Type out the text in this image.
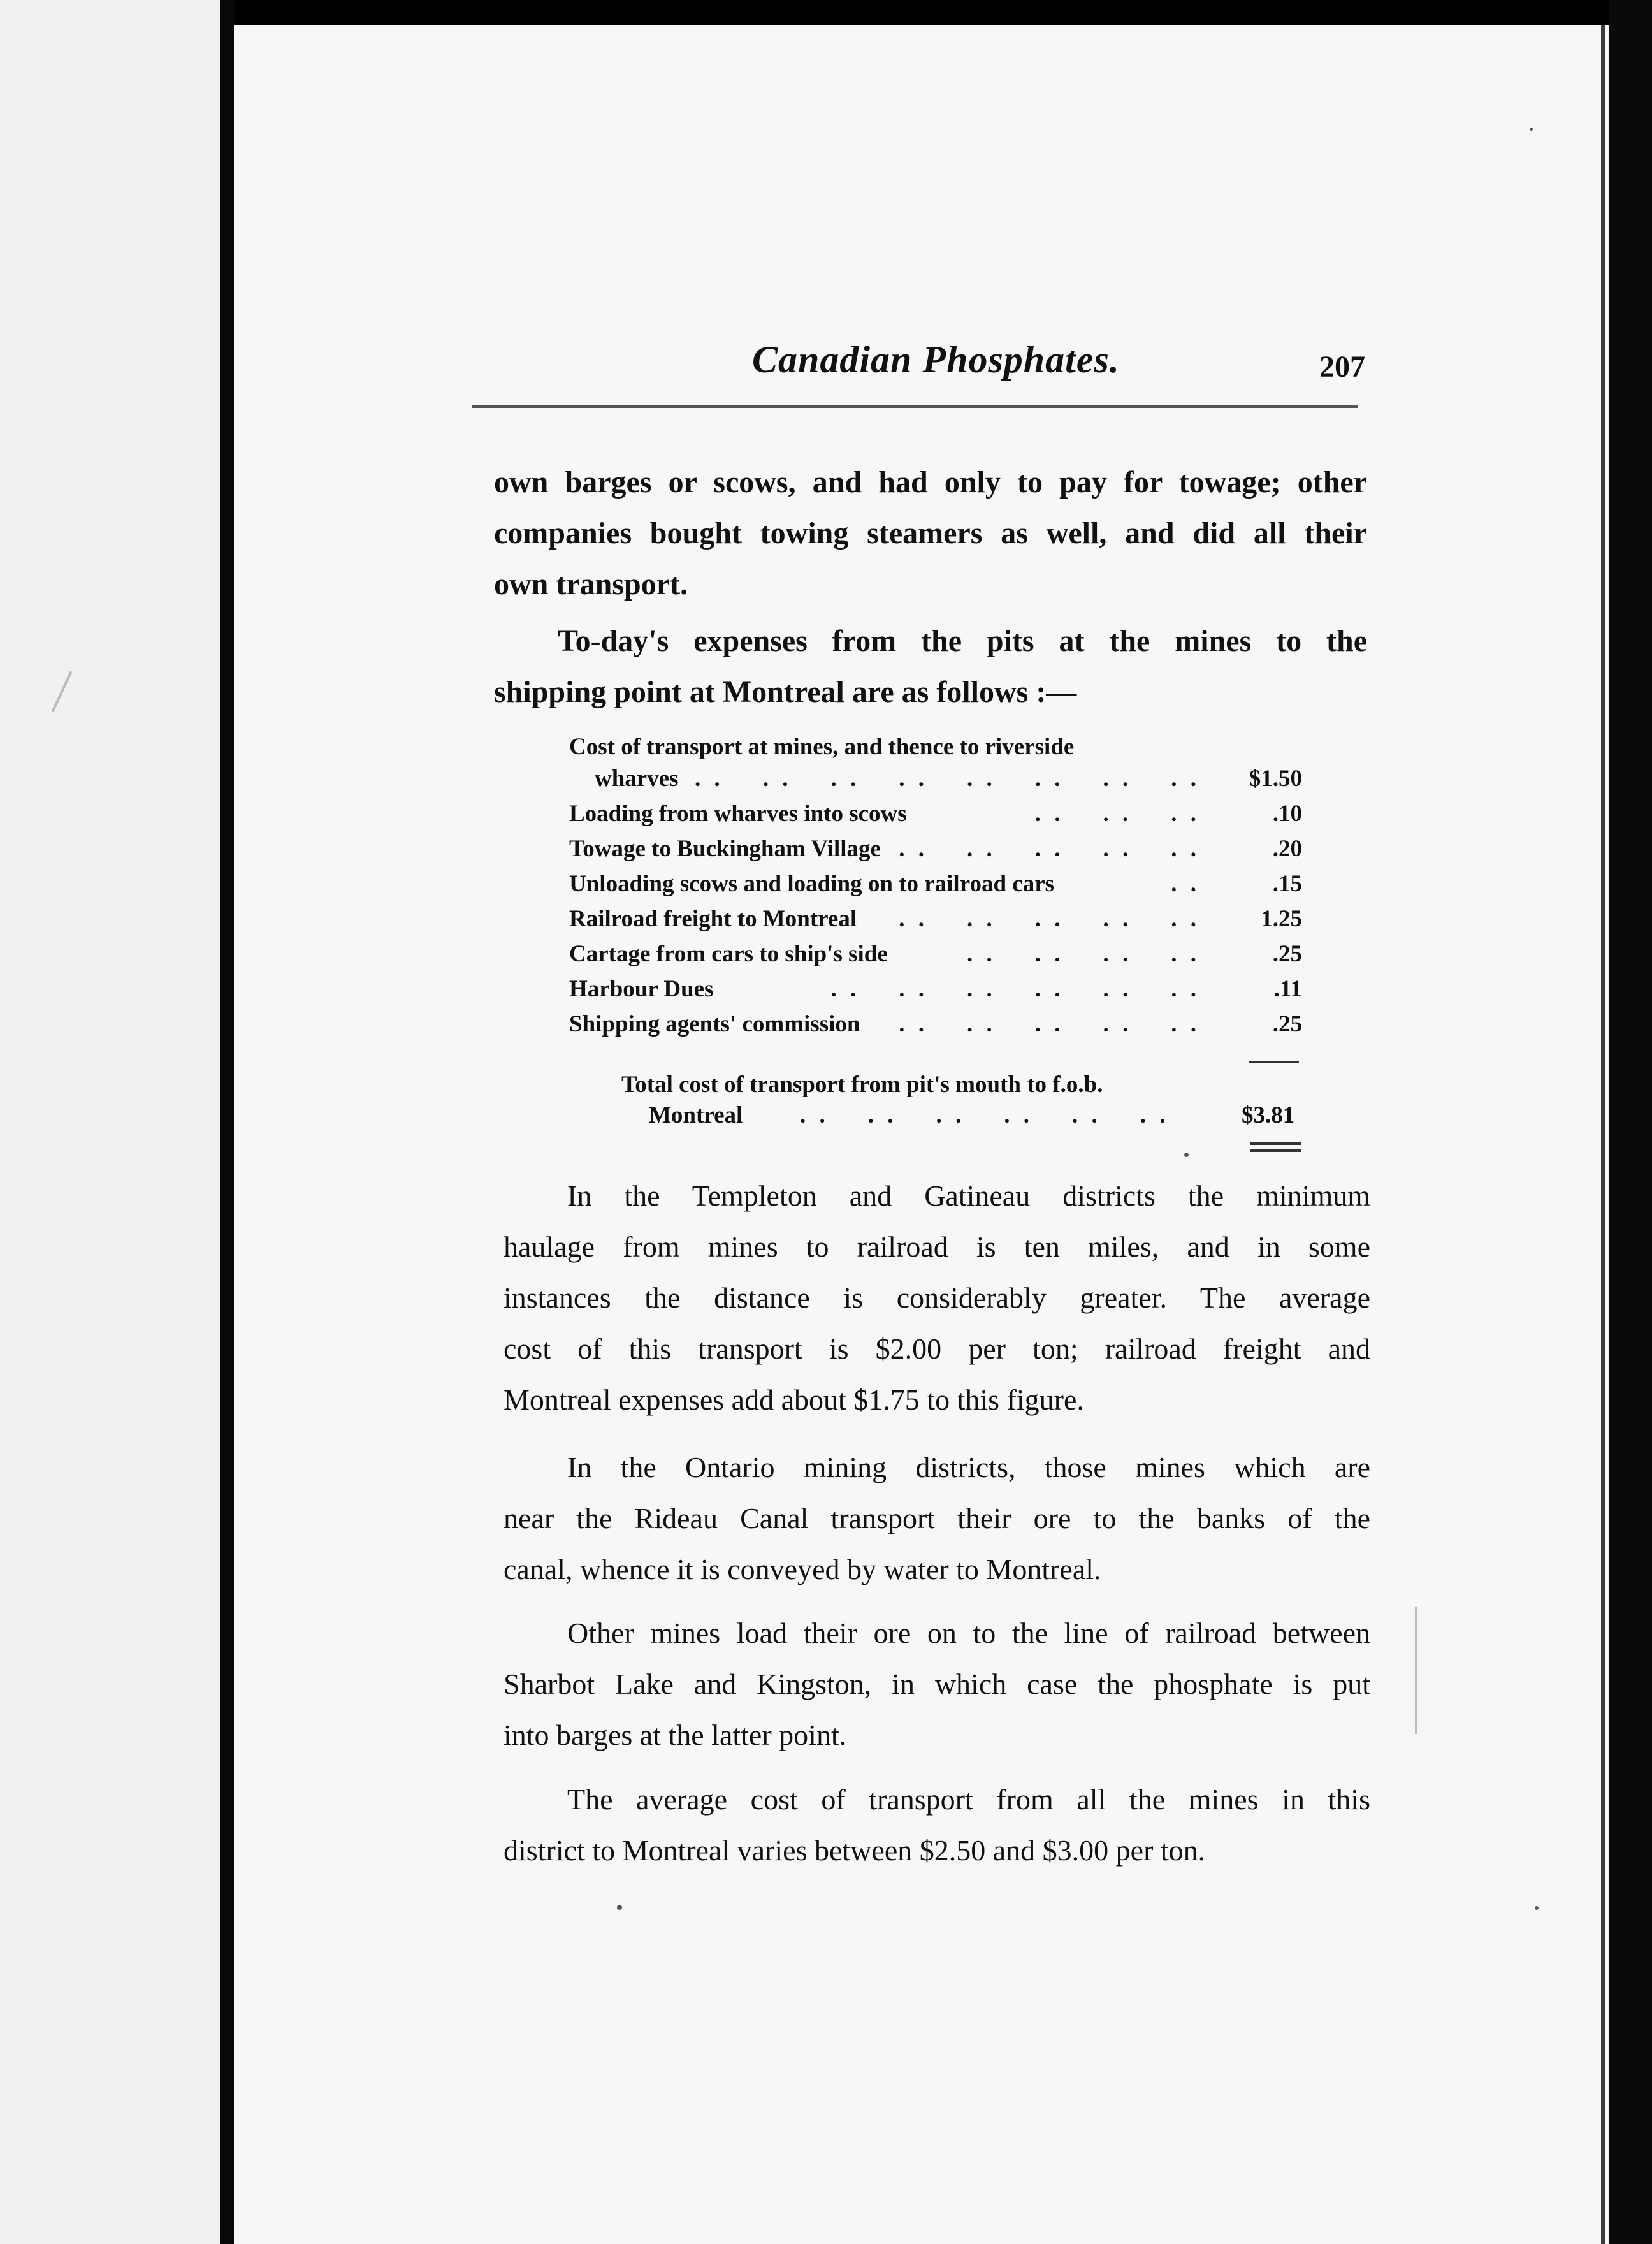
Canadian Phosphates.	207

own barges or scows, and had only to pay for towage; other
companies bought towing steamers as well, and did all their
own transport.

To-day's expenses from the pits at the mines to the
shipping point at Montreal are as follows :—

Cost of transport at mines, and thence to riverside
wharves . .    . .    . .    . .    . .    . .    . .    . .	$1.50
Loading from wharves into scows	. .    . .    . .	.10
Towage to Buckingham Village . .    . .    . .    . .    . .	.20
Unloading scows and loading on to railroad cars	. .	.15
Railroad freight to Montreal	. .    . .    . .    . .    . .	1.25
Cartage from cars to ship's side	. .    . .    . .    . .	.25
Harbour Dues	. .    . .    . .    . .    . .    . .	.11
Shipping agents' commission	. .    . .    . .    . .    . .	.25
Total cost of transport from pit's mouth to f.o.b.
Montreal . .    . .    . .    . .    . .    . .	$3.81

In the Templeton and Gatineau districts the minimum
haulage from mines to railroad is ten miles, and in some
instances the distance is considerably greater. The average
cost of this transport is $2.00 per ton; railroad freight and
Montreal expenses add about $1.75 to this figure.

In the Ontario mining districts, those mines which are
near the Rideau Canal transport their ore to the banks of the
canal, whence it is conveyed by water to Montreal.

Other mines load their ore on to the line of railroad between
Sharbot Lake and Kingston, in which case the phosphate is put
into barges at the latter point.

The average cost of transport from all the mines in this
district to Montreal varies between $2.50 and $3.00 per ton.
